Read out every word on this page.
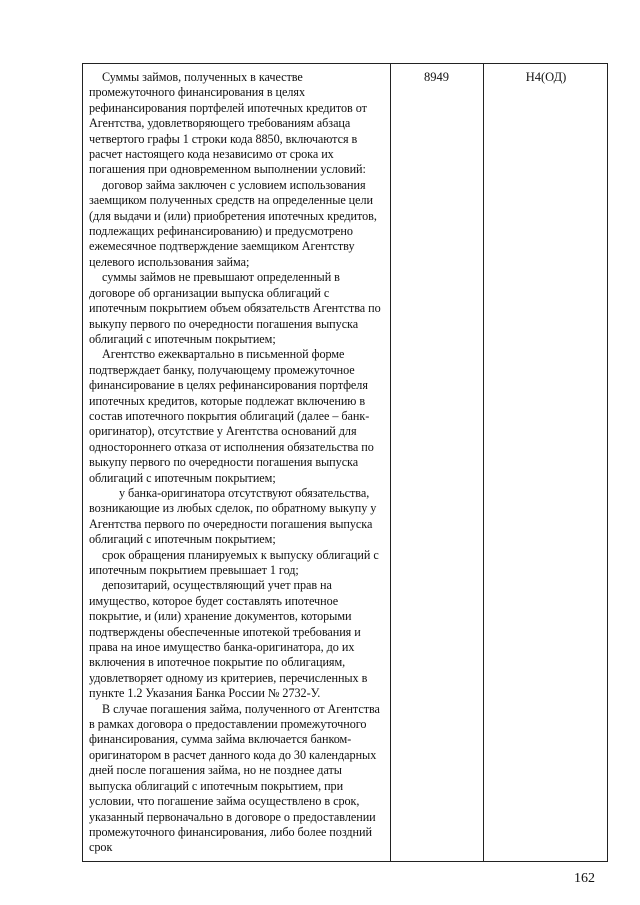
Суммы займов, полученных в качестве промежуточного финансирования в целях рефинансирования портфелей ипотечных кредитов от Агентства, удовлетворяющего требованиям абзаца четвертого графы 1 строки кода 8850, включаются в расчет настоящего кода независимо от срока их погашения при одновременном выполнении условий:

договор займа заключен с условием использования заемщиком полученных средств на определенные цели (для выдачи и (или) приобретения ипотечных кредитов, подлежащих рефинансированию) и предусмотрено ежемесячное подтверждение заемщиком Агентству целевого использования займа;

суммы займов не превышают определенный в договоре об организации выпуска облигаций с ипотечным покрытием объем обязательств Агентства по выкупу первого по очередности погашения выпуска облигаций с ипотечным покрытием;

Агентство ежеквартально в письменной форме подтверждает банку, получающему промежуточное финансирование в целях рефинансирования портфеля ипотечных кредитов, которые подлежат включению в состав ипотечного покрытия облигаций (далее – банк-оригинатор), отсутствие у Агентства оснований для одностороннего отказа от исполнения обязательства по выкупу первого по очередности погашения выпуска облигаций с ипотечным покрытием;

у банка-оригинатора отсутствуют обязательства, возникающие из любых сделок, по обратному выкупу у Агентства первого по очередности погашения выпуска облигаций с ипотечным покрытием;

срок обращения планируемых к выпуску облигаций с ипотечным покрытием превышает 1 год;

депозитарий, осуществляющий учет прав на имущество, которое будет составлять ипотечное покрытие, и (или) хранение документов, которыми подтверждены обеспеченные ипотекой требования и права на иное имущество банка-оригинатора, до их включения в ипотечное покрытие по облигациям, удовлетворяет одному из критериев, перечисленных в пункте 1.2 Указания Банка России № 2732-У.

В случае погашения займа, полученного от Агентства в рамках договора о предоставлении промежуточного финансирования, сумма займа включается банком-оригинатором в расчет данного кода до 30 календарных дней после погашения займа, но не позднее даты выпуска облигаций с ипотечным покрытием, при условии, что погашение займа осуществлено в срок, указанный первоначально в договоре о предоставлении промежуточного финансирования, либо более поздний срок

8949	Н4(ОД)
162
